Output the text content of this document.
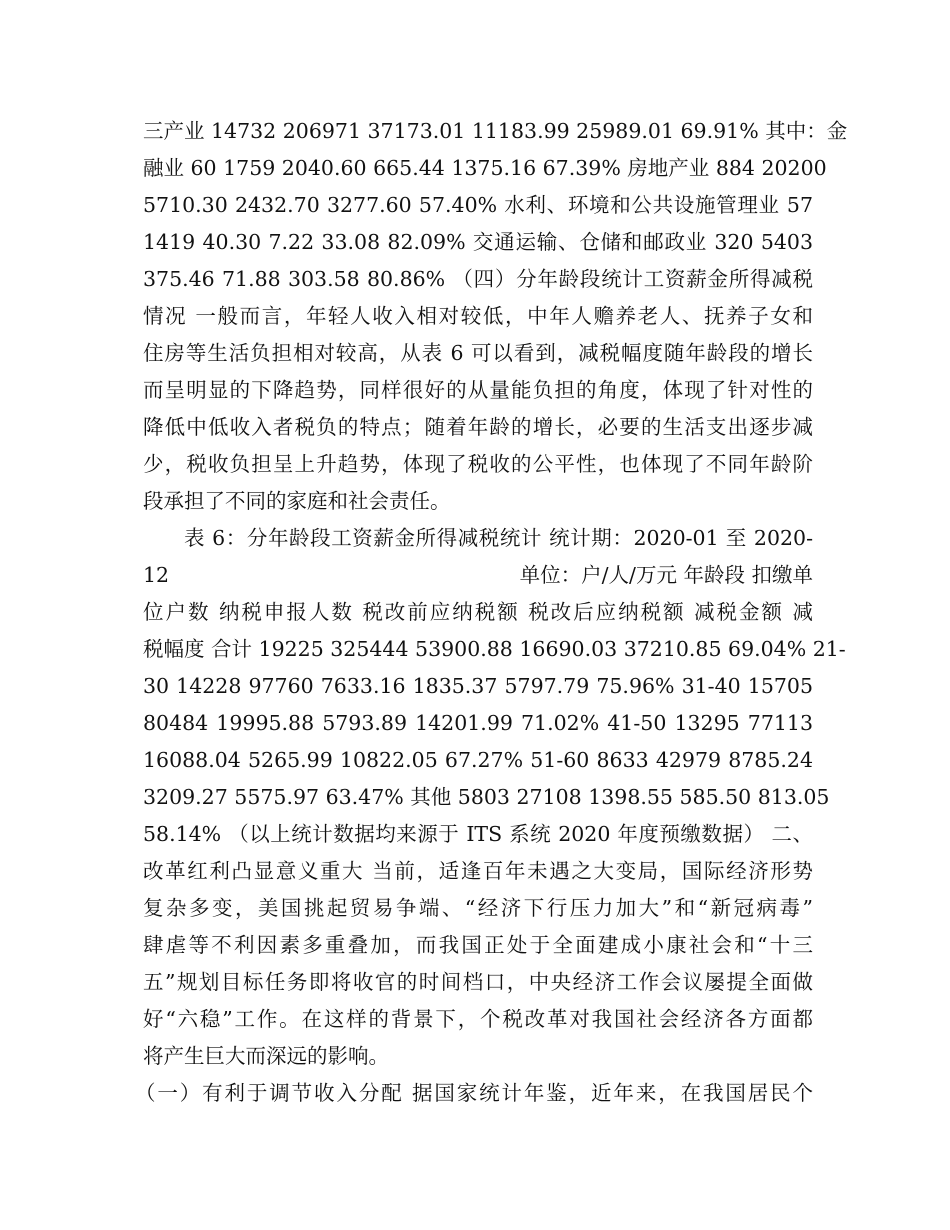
三产业 14732 206971 37173.01 11183.99 25989.01 69.91% 其中：金
融业 60 1759 2040.60 665.44 1375.16 67.39% 房地产业 884 20200
5710.30 2432.70 3277.60 57.40% 水利、环境和公共设施管理业 57
1419 40.30 7.22 33.08 82.09% 交通运输、仓储和邮政业 320 5403
375.46 71.88 303.58 80.86% （四）分年龄段统计工资薪金所得减税
情况 一般而言，年轻人收入相对较低，中年人赡养老人、抚养子女和
住房等生活负担相对较高，从表 6 可以看到，减税幅度随年龄段的增长
而呈明显的下降趋势，同样很好的从量能负担的角度，体现了针对性的
降低中低收入者税负的特点；随着年龄的增长，必要的生活支出逐步减
少，税收负担呈上升趋势，体现了税收的公平性，也体现了不同年龄阶
段承担了不同的家庭和社会责任。
表 6：分年龄段工资薪金所得减税统计 统计期：2020-01 至 2020-
12	单位：户/人/万元 年龄段 扣缴单
位户数 纳税申报人数 税改前应纳税额 税改后应纳税额 减税金额 减
税幅度 合计 19225 325444 53900.88 16690.03 37210.85 69.04% 21-
30 14228 97760 7633.16 1835.37 5797.79 75.96% 31-40 15705
80484 19995.88 5793.89 14201.99 71.02% 41-50 13295 77113
16088.04 5265.99 10822.05 67.27% 51-60 8633 42979 8785.24
3209.27 5575.97 63.47% 其他 5803 27108 1398.55 585.50 813.05
58.14% （以上统计数据均来源于 ITS 系统 2020 年度预缴数据） 二、
改革红利凸显意义重大 当前，适逢百年未遇之大变局，国际经济形势
复杂多变，美国挑起贸易争端、“经济下行压力加大”和“新冠病毒”
肆虐等不利因素多重叠加，而我国正处于全面建成小康社会和“十三
五”规划目标任务即将收官的时间档口，中央经济工作会议屡提全面做
好“六稳”工作。在这样的背景下，个税改革对我国社会经济各方面都
将产生巨大而深远的影响。
（一）有利于调节收入分配 据国家统计年鉴，近年来，在我国居民个
